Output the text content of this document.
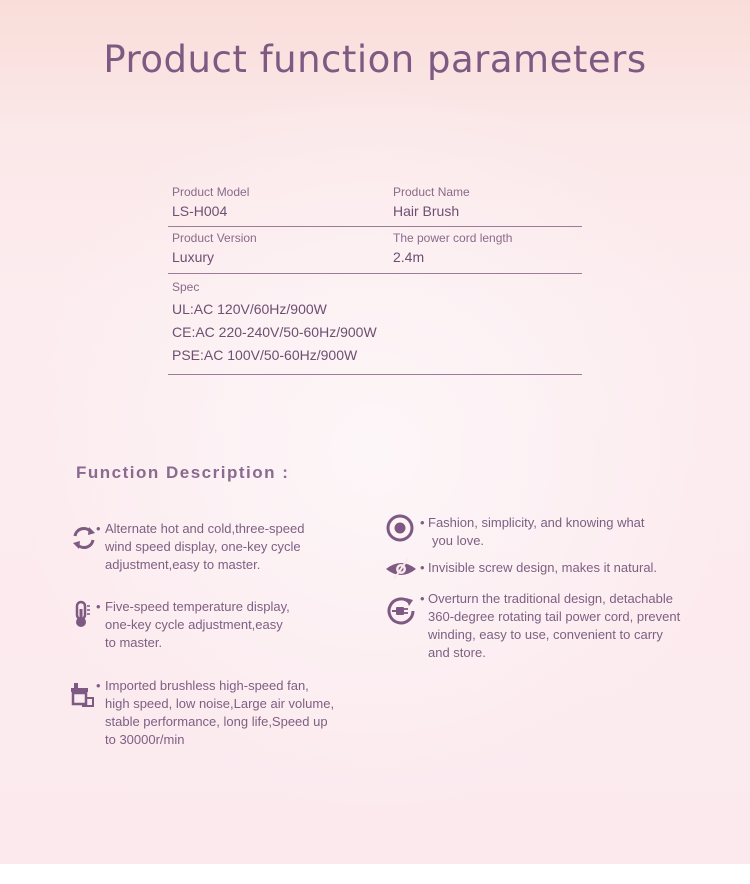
Product function parameters
Product Model
LS-H004
Product Name
Hair Brush
Product Version
Luxury
The power cord length
2.4m
Spec
UL:AC 120V/60Hz/900W
CE:AC 220-240V/50-60Hz/900W
PSE:AC 100V/50-60Hz/900W
Function Description :
• Alternate hot and cold,three-speed
wind speed display, one-key cycle
adjustment,easy to master.
• Five-speed temperature display,
one-key cycle adjustment,easy
to master.
• Imported brushless high-speed fan,
high speed, low noise,Large air volume,
stable performance, long life,Speed up
to 30000r/min
• Fashion, simplicity, and knowing what
you love.
• Invisible screw design, makes it natural.
• Overturn the traditional design, detachable
360-degree rotating tail power cord, prevent
winding, easy to use, convenient to carry
and store.
